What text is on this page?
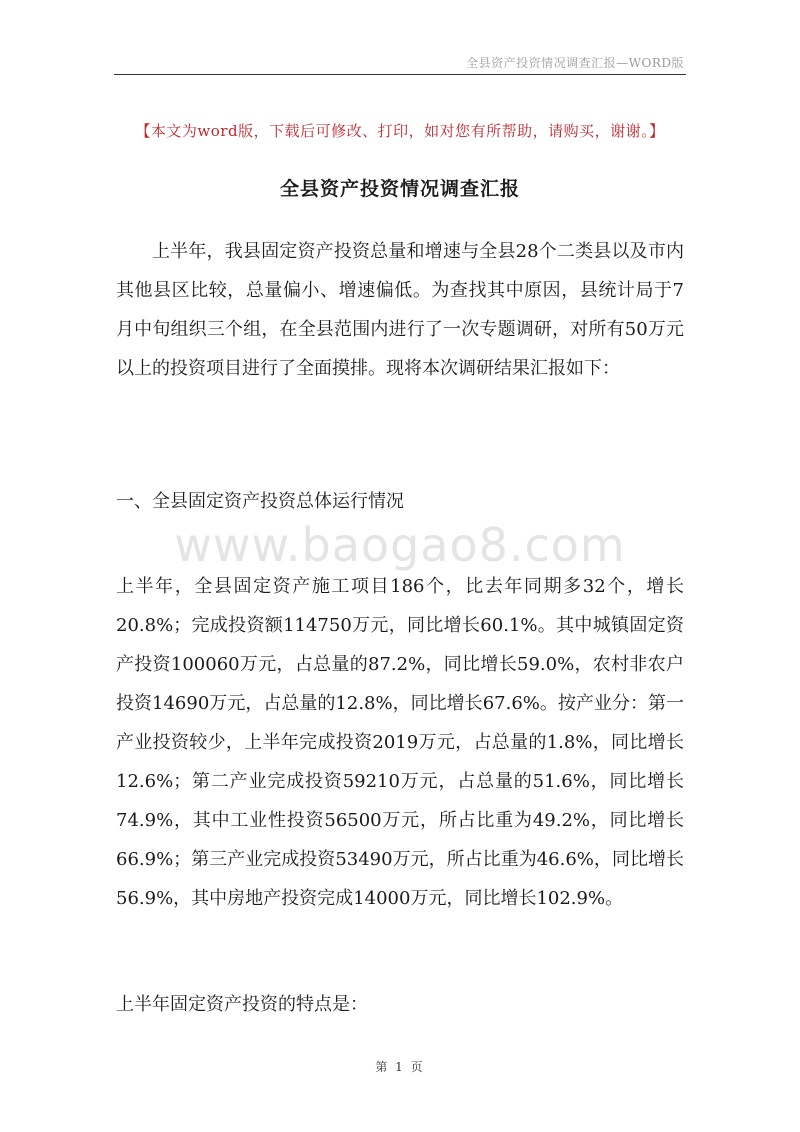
全县资产投资情况调查汇报—WORD版
【本文为word版，下载后可修改、打印，如对您有所帮助，请购买，谢谢。】
全县资产投资情况调查汇报

上半年，我县固定资产投资总量和增速与全县28个二类县以及市内其他县区比较，总量偏小、增速偏低。为查找其中原因，县统计局于7月中旬组织三个组，在全县范围内进行了一次专题调研，对所有50万元以上的投资项目进行了全面摸排。现将本次调研结果汇报如下：

一、全县固定资产投资总体运行情况
www.baogao8.com

上半年，全县固定资产施工项目186个，比去年同期多32个，增长20.8%；完成投资额114750万元，同比增长60.1%。其中城镇固定资产投资100060万元，占总量的87.2%，同比增长59.0%，农村非农户投资14690万元，占总量的12.8%，同比增长67.6%。按产业分：第一产业投资较少，上半年完成投资2019万元，占总量的1.8%，同比增长12.6%；第二产业完成投资59210万元，占总量的51.6%，同比增长74.9%，其中工业性投资56500万元，所占比重为49.2%，同比增长66.9%；第三产业完成投资53490万元，所占比重为46.6%，同比增长56.9%，其中房地产投资完成14000万元，同比增长102.9%。

上半年固定资产投资的特点是：
第 1 页
